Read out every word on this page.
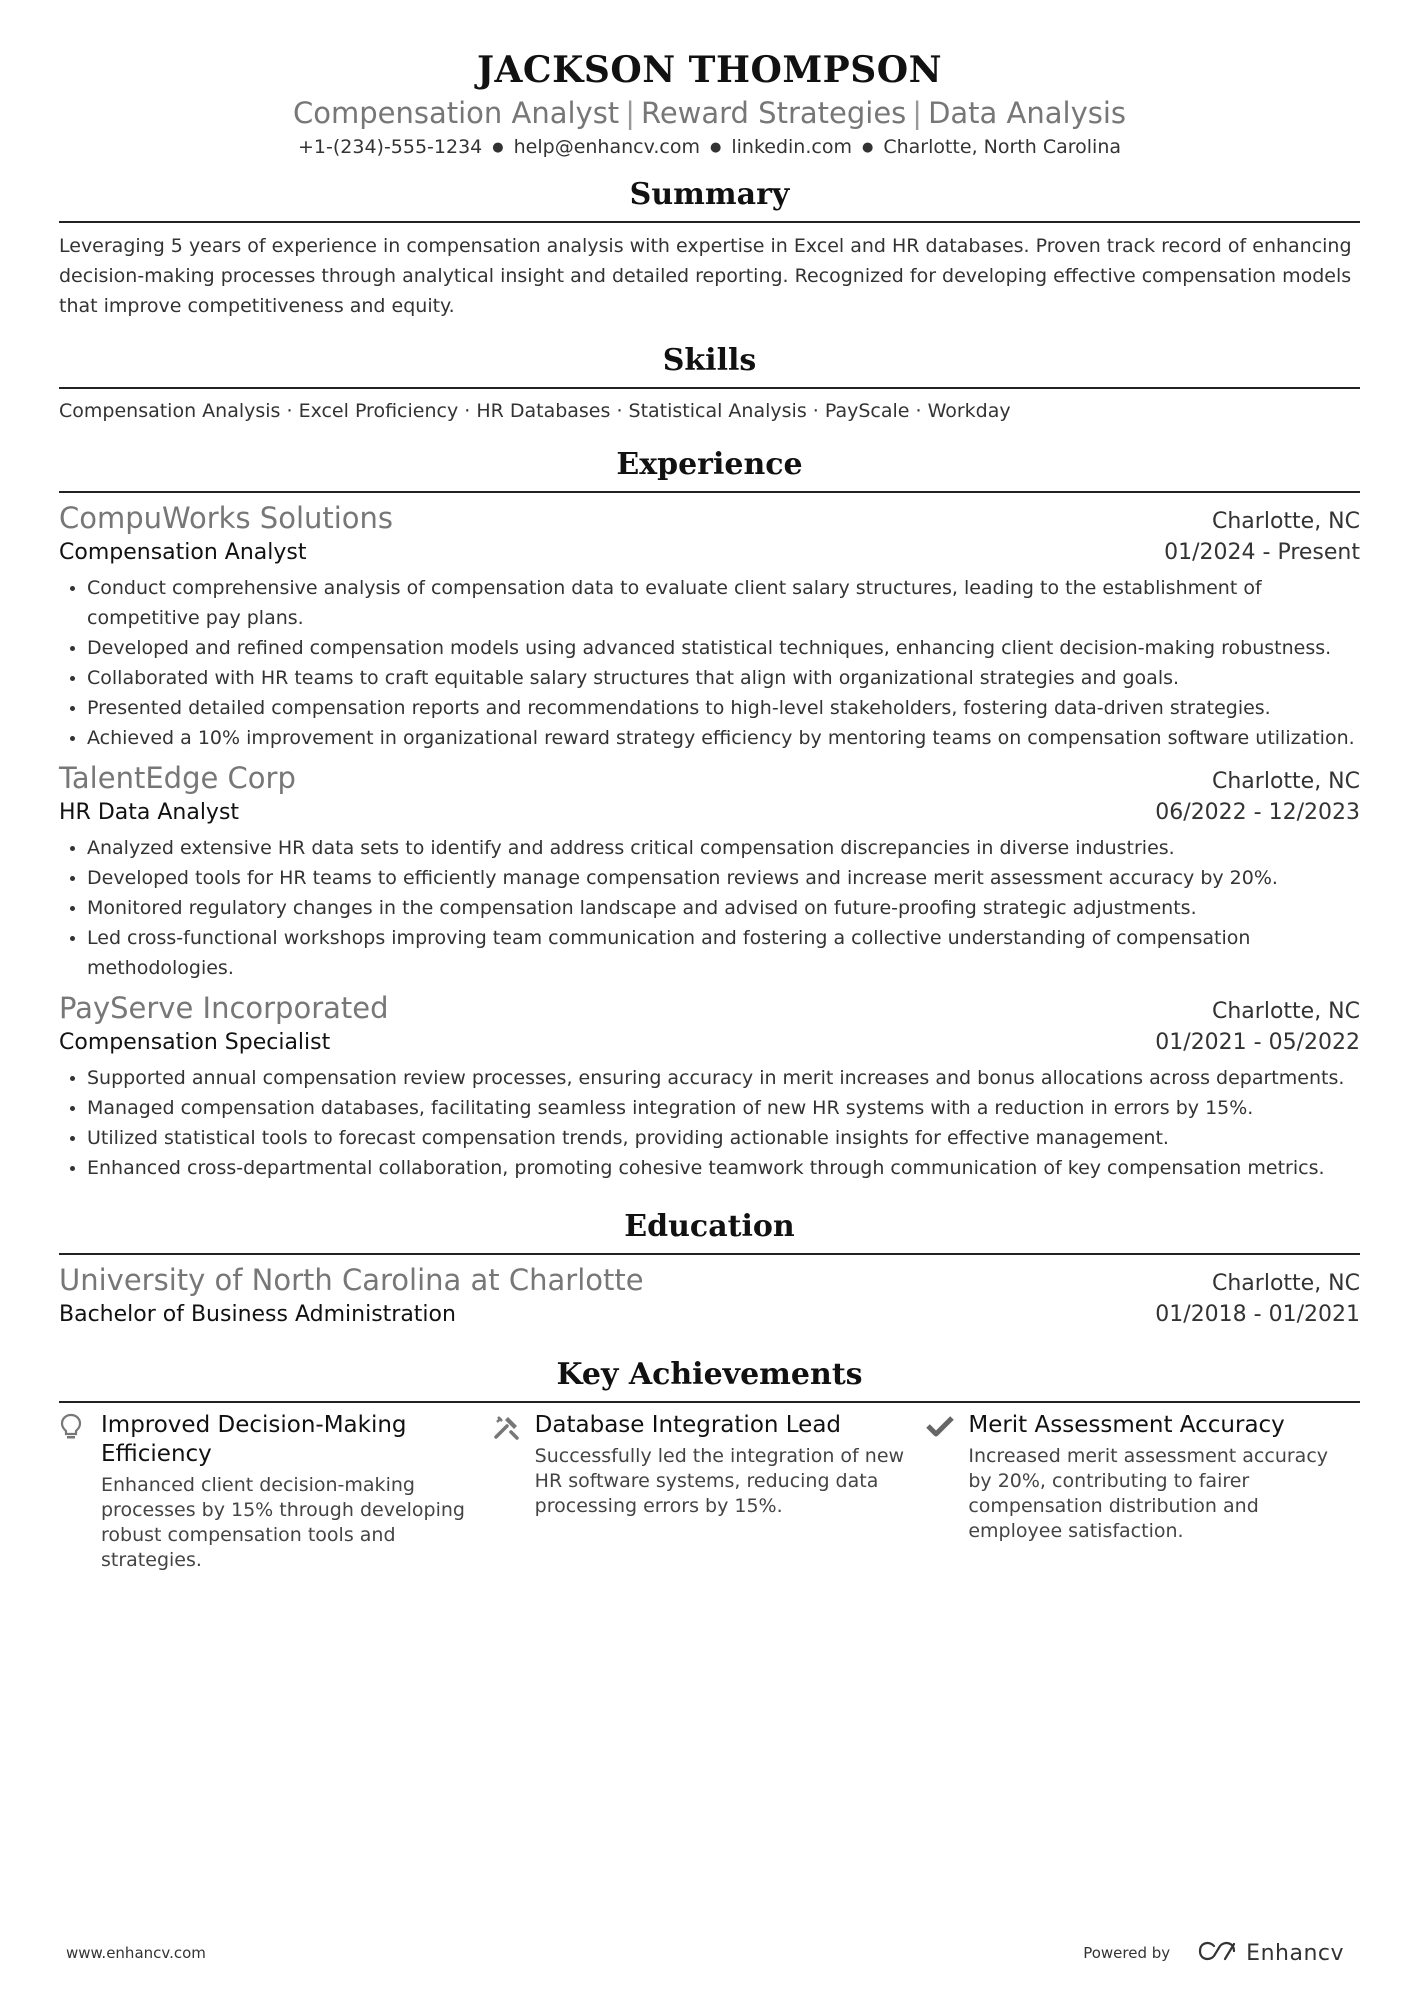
JACKSON THOMPSON
Compensation Analyst | Reward Strategies | Data Analysis
+1-(234)-555-1234 ● help@enhancv.com ● linkedin.com ● Charlotte, North Carolina
Summary
Leveraging 5 years of experience in compensation analysis with expertise in Excel and HR databases. Proven track record of enhancing decision-making processes through analytical insight and detailed reporting. Recognized for developing effective compensation models that improve competitiveness and equity.
Skills
Compensation Analysis · Excel Proficiency · HR Databases · Statistical Analysis · PayScale · Workday
Experience
CompuWorks Solutions	Charlotte, NC
Compensation Analyst	01/2024 - Present
• Conduct comprehensive analysis of compensation data to evaluate client salary structures, leading to the establishment of competitive pay plans.
• Developed and refined compensation models using advanced statistical techniques, enhancing client decision-making robustness.
• Collaborated with HR teams to craft equitable salary structures that align with organizational strategies and goals.
• Presented detailed compensation reports and recommendations to high-level stakeholders, fostering data-driven strategies.
• Achieved a 10% improvement in organizational reward strategy efficiency by mentoring teams on compensation software utilization.
TalentEdge Corp	Charlotte, NC
HR Data Analyst	06/2022 - 12/2023
• Analyzed extensive HR data sets to identify and address critical compensation discrepancies in diverse industries.
• Developed tools for HR teams to efficiently manage compensation reviews and increase merit assessment accuracy by 20%.
• Monitored regulatory changes in the compensation landscape and advised on future-proofing strategic adjustments.
• Led cross-functional workshops improving team communication and fostering a collective understanding of compensation methodologies.
PayServe Incorporated	Charlotte, NC
Compensation Specialist	01/2021 - 05/2022
• Supported annual compensation review processes, ensuring accuracy in merit increases and bonus allocations across departments.
• Managed compensation databases, facilitating seamless integration of new HR systems with a reduction in errors by 15%.
• Utilized statistical tools to forecast compensation trends, providing actionable insights for effective management.
• Enhanced cross-departmental collaboration, promoting cohesive teamwork through communication of key compensation metrics.
Education
University of North Carolina at Charlotte	Charlotte, NC
Bachelor of Business Administration	01/2018 - 01/2021
Key Achievements
Improved Decision-Making Efficiency
Enhanced client decision-making processes by 15% through developing robust compensation tools and strategies.
Database Integration Lead
Successfully led the integration of new HR software systems, reducing data processing errors by 15%.
Merit Assessment Accuracy
Increased merit assessment accuracy by 20%, contributing to fairer compensation distribution and employee satisfaction.
www.enhancv.com	Powered by	Enhancv
